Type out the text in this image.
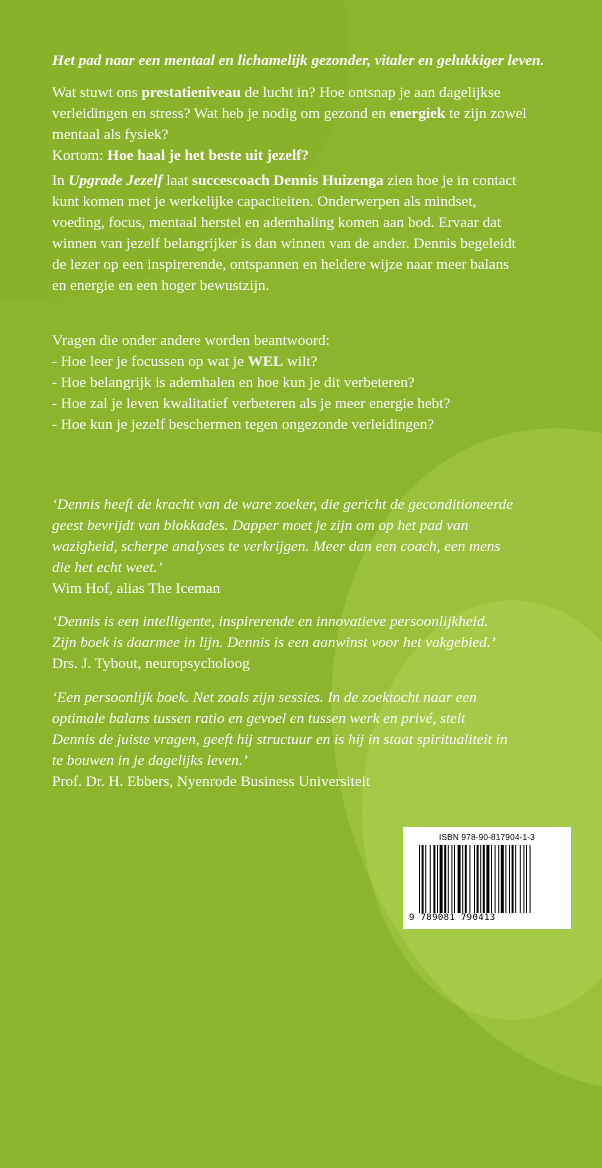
Het pad naar een mentaal en lichamelijk gezonder, vitaler en gelukkiger leven.

Wat stuwt ons prestatieniveau de lucht in? Hoe ontsnap je aan dagelijkse
verleidingen en stress? Wat heb je nodig om gezond en energiek te zijn zowel
mentaal als fysiek?
Kortom: Hoe haal je het beste uit jezelf?
In Upgrade Jezelf laat succescoach Dennis Huizenga zien hoe je in contact
kunt komen met je werkelijke capaciteiten. Onderwerpen als mindset,
voeding, focus, mentaal herstel en ademhaling komen aan bod. Ervaar dat
winnen van jezelf belangrijker is dan winnen van de ander. Dennis begeleidt
de lezer op een inspirerende, ontspannen en heldere wijze naar meer balans
en energie en een hoger bewustzijn.
Vragen die onder andere worden beantwoord:
- Hoe leer je focussen op wat je WEL wilt?
- Hoe belangrijk is ademhalen en hoe kun je dit verbeteren?
- Hoe zal je leven kwalitatief verbeteren als je meer energie hebt?
- Hoe kun je jezelf beschermen tegen ongezonde verleidingen?
‘Dennis heeft de kracht van de ware zoeker, die gericht de geconditioneerde
geest bevrijdt van blokkades. Dapper moet je zijn om op het pad van
wazigheid, scherpe analyses te verkrijgen. Meer dan een coach, een mens
die het echt weet.’
Wim Hof, alias The Iceman
‘Dennis is een intelligente, inspirerende en innovatieve persoonlijkheid.
Zijn boek is daarmee in lijn. Dennis is een aanwinst voor het vakgebied.’
Drs. J. Tybout, neuropsycholoog
‘Een persoonlijk boek. Net zoals zijn sessies. In de zoektocht naar een
optimale balans tussen ratio en gevoel en tussen werk en privé, stelt
Dennis de juiste vragen, geeft hij structuur en is hij in staat spiritualiteit in
te bouwen in je dagelijks leven.’
Prof. Dr. H. Ebbers, Nyenrode Business Universiteit
ISBN 978-90-817904-1-3
9 789081 790413
